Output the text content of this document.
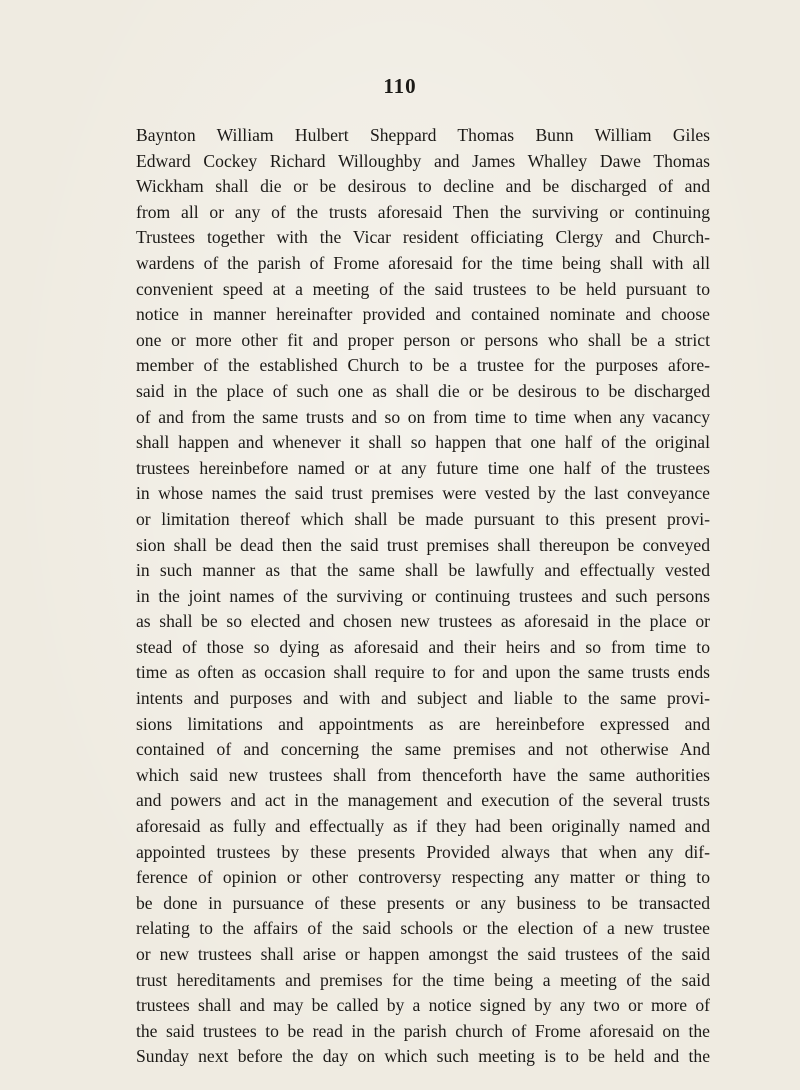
110
Baynton William Hulbert Sheppard Thomas Bunn William Giles
Edward Cockey Richard Willoughby and James Whalley Dawe Thomas
Wickham shall die or be desirous to decline and be discharged of and
from all or any of the trusts aforesaid Then the surviving or continuing
Trustees together with the Vicar resident officiating Clergy and Church-
wardens of the parish of Frome aforesaid for the time being shall with all
convenient speed at a meeting of the said trustees to be held pursuant to
notice in manner hereinafter provided and contained nominate and choose
one or more other fit and proper person or persons who shall be a strict
member of the established Church to be a trustee for the purposes afore-
said in the place of such one as shall die or be desirous to be discharged
of and from the same trusts and so on from time to time when any vacancy
shall happen and whenever it shall so happen that one half of the original
trustees hereinbefore named or at any future time one half of the trustees
in whose names the said trust premises were vested by the last conveyance
or limitation thereof which shall be made pursuant to this present provi-
sion shall be dead then the said trust premises shall thereupon be conveyed
in such manner as that the same shall be lawfully and effectually vested
in the joint names of the surviving or continuing trustees and such persons
as shall be so elected and chosen new trustees as aforesaid in the place or
stead of those so dying as aforesaid and their heirs and so from time to
time as often as occasion shall require to for and upon the same trusts ends
intents and purposes and with and subject and liable to the same provi-
sions limitations and appointments as are hereinbefore expressed and
contained of and concerning the same premises and not otherwise And
which said new trustees shall from thenceforth have the same authorities
and powers and act in the management and execution of the several trusts
aforesaid as fully and effectually as if they had been originally named and
appointed trustees by these presents Provided always that when any dif-
ference of opinion or other controversy respecting any matter or thing to
be done in pursuance of these presents or any business to be transacted
relating to the affairs of the said schools or the election of a new trustee
or new trustees shall arise or happen amongst the said trustees of the said
trust hereditaments and premises for the time being a meeting of the said
trustees shall and may be called by a notice signed by any two or more of
the said trustees to be read in the parish church of Frome aforesaid on the
Sunday next before the day on which such meeting is to be held and the
